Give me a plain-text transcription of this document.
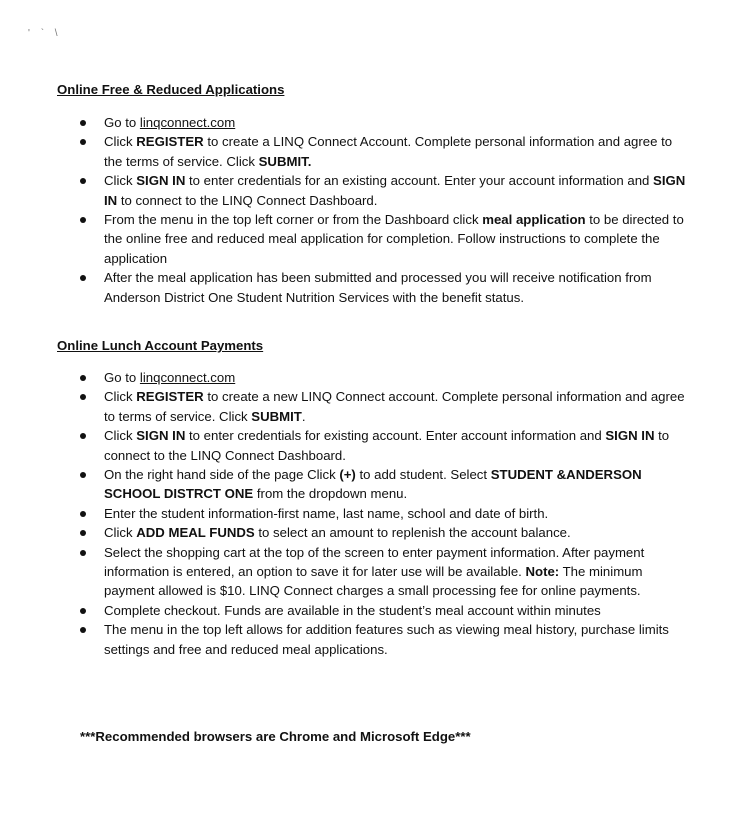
' ` \
Online Free & Reduced Applications
Go to linqconnect.com
Click REGISTER to create a LINQ Connect Account. Complete personal information and agree to the terms of service. Click SUBMIT.
Click SIGN IN to enter credentials for an existing account. Enter your account information and SIGN IN to connect to the LINQ Connect Dashboard.
From the menu in the top left corner or from the Dashboard click meal application to be directed to the online free and reduced meal application for completion. Follow instructions to complete the application
After the meal application has been submitted and processed you will receive notification from Anderson District One Student Nutrition Services with the benefit status.
Online Lunch Account Payments
Go to linqconnect.com
Click REGISTER to create a new LINQ Connect account. Complete personal information and agree to terms of service. Click SUBMIT.
Click SIGN IN to enter credentials for existing account. Enter account information and SIGN IN to connect to the LINQ Connect Dashboard.
On the right hand side of the page Click (+) to add student. Select STUDENT &ANDERSON SCHOOL DISTRCT ONE from the dropdown menu.
Enter the student information-first name, last name, school and date of birth.
Click ADD MEAL FUNDS to select an amount to replenish the account balance.
Select the shopping cart at the top of the screen to enter payment information. After payment information is entered, an option to save it for later use will be available. Note: The minimum payment allowed is $10. LINQ Connect charges a small processing fee for online payments.
Complete checkout. Funds are available in the student’s meal account within minutes
The menu in the top left allows for addition features such as viewing meal history, purchase limits settings and free and reduced meal applications.

***Recommended browsers are Chrome and Microsoft Edge***
